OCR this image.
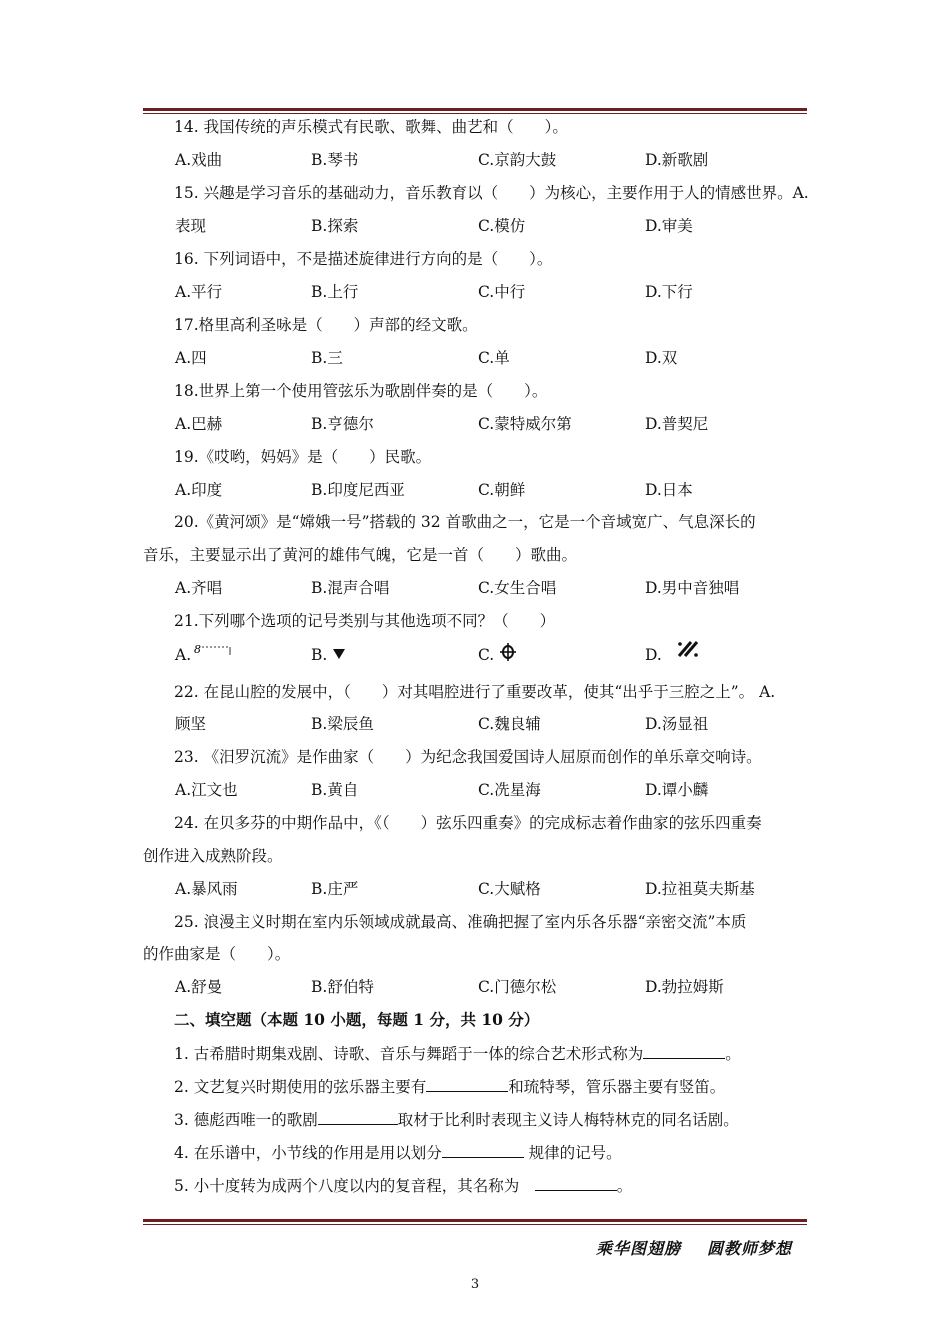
14. 我国传统的声乐模式有民歌、歌舞、曲艺和（　　）。
A.戏曲	B.琴书	C.京韵大鼓	D.新歌剧
15. 兴趣是学习音乐的基础动力，音乐教育以（　　）为核心，主要作用于人的情感世界。A.
表现	B.探索	C.模仿	D.审美
16. 下列词语中，不是描述旋律进行方向的是（　　）。
A.平行	B.上行	C.中行	D.下行
17.格里高利圣咏是（　　）声部的经文歌。
A.四	B.三	C.单	D.双
18.世界上第一个使用管弦乐为歌剧伴奏的是（　　）。
A.巴赫	B.亨德尔	C.蒙特威尔第	D.普契尼
19.《哎哟，妈妈》是（　　）民歌。
A.印度	B.印度尼西亚	C.朝鲜	D.日本
20.《黄河颂》是“嫦娥一号”搭载的 32 首歌曲之一，它是一个音域宽广、气息深长的
音乐，主要显示出了黄河的雄伟气魄，它是一首（　　）歌曲。
A.齐唱	B.混声合唱	C.女生合唱	D.男中音独唱
21.下列哪个选项的记号类别与其他选项不同？（　　）
A. 8	B.	C.	D.
22. 在昆山腔的发展中，（　　）对其唱腔进行了重要改革，使其“出乎于三腔之上”。 A.
顾坚	B.梁辰鱼	C.魏良辅	D.汤显祖
23. 《汨罗沉流》是作曲家（　　）为纪念我国爱国诗人屈原而创作的单乐章交响诗。
A.江文也	B.黄自	C.冼星海	D.谭小麟
24. 在贝多芬的中期作品中，《（　　）弦乐四重奏》的完成标志着作曲家的弦乐四重奏
创作进入成熟阶段。
A.暴风雨	B.庄严	C.大赋格	D.拉祖莫夫斯基
25. 浪漫主义时期在室内乐领域成就最高、准确把握了室内乐各乐器“亲密交流”本质
的作曲家是（　　）。
A.舒曼	B.舒伯特	C.门德尔松	D.勃拉姆斯
二、填空题（本题 10 小题，每题 1 分，共 10 分）
1. 古希腊时期集戏剧、诗歌、音乐与舞蹈于一体的综合艺术形式称为	。
2. 文艺复兴时期使用的弦乐器主要有	和琉特琴，管乐器主要有竖笛。
3. 德彪西唯一的歌剧	取材于比利时表现主义诗人梅特林克的同名话剧。
4. 在乐谱中，小节线的作用是用以划分	规律的记号。
5. 小十度转为成两个八度以内的复音程，其名称为　	。
乘华图翅膀 圆教师梦想
3
